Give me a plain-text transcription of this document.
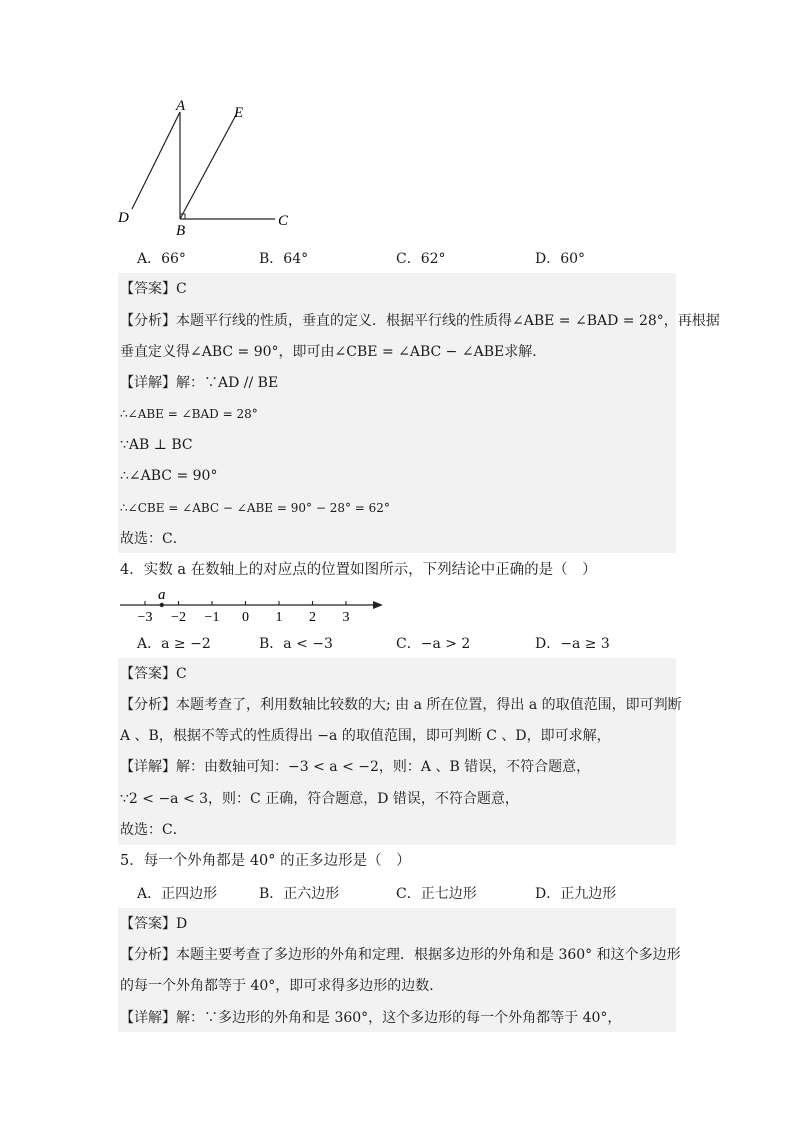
A	E
D
B
C
A．66°	B．64°	C．62°	D．60°
【答案】C
【分析】本题平行线的性质，垂直的定义．根据平行线的性质得∠ABE = ∠BAD = 28°，再根据
垂直定义得∠ABC = 90°，即可由∠CBE = ∠ABC − ∠ABE求解．
【详解】解：∵AD // BE
∴∠ABE = ∠BAD = 28°
∵AB ⊥ BC
∴∠ABC = 90°
∴∠CBE = ∠ABC − ∠ABE = 90° − 28° = 62°
故选：C．
4．实数 a 在数轴上的对应点的位置如图所示，下列结论中正确的是（　）
−3 −2 −1 0 1 2 3
a
A．a ≥ −2	B．a < −3	C．−a > 2	D．−a ≥ 3
【答案】C
【分析】本题考查了，利用数轴比较数的大; 由 a 所在位置，得出 a 的取值范围，即可判断
A 、B，根据不等式的性质得出 −a 的取值范围，即可判断 C 、D，即可求解，
【详解】解：由数轴可知：−3 < a < −2，则：A 、B 错误，不符合题意，
∵2 < −a < 3，则：C 正确，符合题意，D 错误，不符合题意，
故选：C．
5．每一个外角都是 40° 的正多边形是（　）
A．正四边形	B．正六边形	C．正七边形	D．正九边形
【答案】D
【分析】本题主要考查了多边形的外角和定理．根据多边形的外角和是 360° 和这个多边形
的每一个外角都等于 40°，即可求得多边形的边数．
【详解】解：∵多边形的外角和是 360°，这个多边形的每一个外角都等于 40°，
